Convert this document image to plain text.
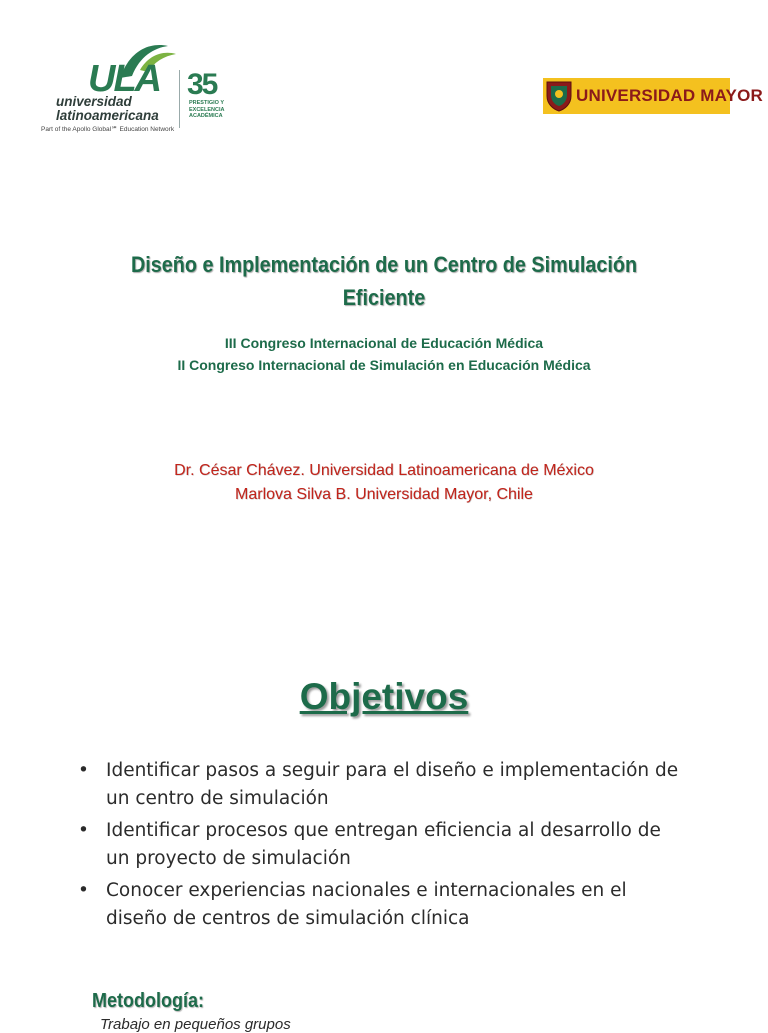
ULA
universidad
latinoamericana
Part of the Apollo Global℠ Education Network
35
PRESTIGIO Y EXCELENCIA ACADÉMICA
UNIVERSIDAD MAYOR
Diseño e Implementación de un Centro de Simulación
Eficiente
III Congreso Internacional de Educación Médica
II Congreso Internacional de Simulación en Educación Médica
Dr. César Chávez. Universidad Latinoamericana de México
Marlova Silva B. Universidad Mayor, Chile
Objetivos
• Identificar pasos a seguir para el diseño e implementación de
un centro de simulación
• Identificar procesos que entregan eficiencia al desarrollo de
un proyecto de simulación
• Conocer experiencias nacionales e internacionales en el
diseño de centros de simulación clínica
Metodología:
Trabajo en pequeños grupos
